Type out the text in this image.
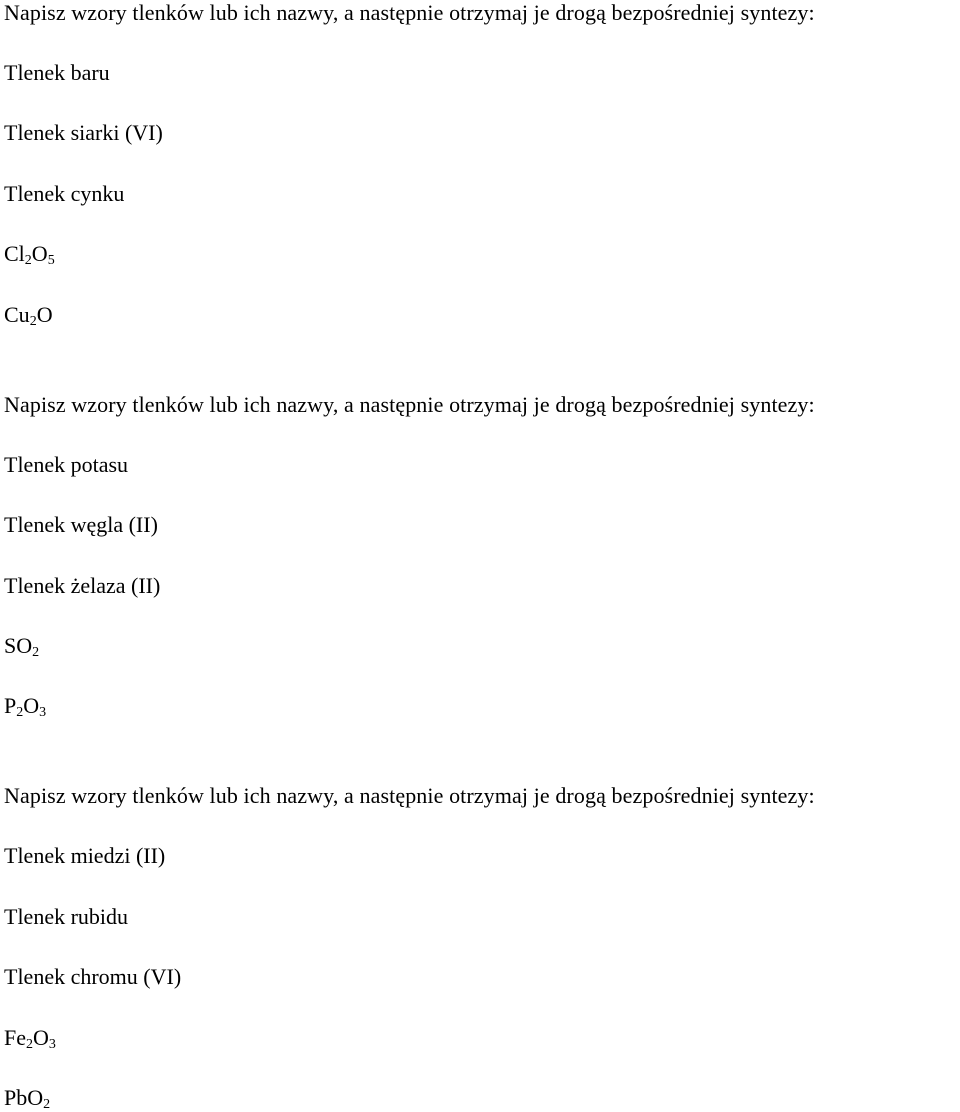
Napisz wzory tlenków lub ich nazwy, a następnie otrzymaj je drogą bezpośredniej syntezy:
Tlenek baru
Tlenek siarki (VI)
Tlenek cynku
$Cl_2O_5$
$Cu_2O$
Napisz wzory tlenków lub ich nazwy, a następnie otrzymaj je drogą bezpośredniej syntezy:
Tlenek potasu
Tlenek węgla (II)
Tlenek żelaza (II)
$SO_2$
$P_2O_3$
Napisz wzory tlenków lub ich nazwy, a następnie otrzymaj je drogą bezpośredniej syntezy:
Tlenek miedzi (II)
Tlenek rubidu
Tlenek chromu (VI)
$Fe_2O_3$
PbO$_2$
